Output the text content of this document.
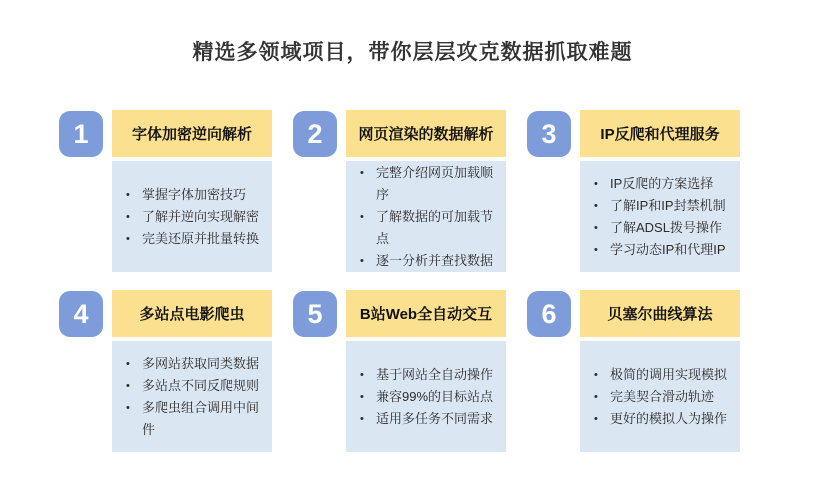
精选多领域项目，带你层层攻克数据抓取难题
1	字体加密逆向解析
• 掌握字体加密技巧
• 了解并逆向实现解密
• 完美还原并批量转换
2 网页渲染的数据解析
• 完整介绍网页加载顺序
• 了解数据的可加载节点
• 逐一分析并查找数据
3	IP反爬和代理服务
• IP反爬的方案选择
• 了解IP和IP封禁机制
• 了解ADSL拨号操作
• 学习动态IP和代理IP
4	多站点电影爬虫
• 多网站获取同类数据
• 多站点不同反爬规则
• 多爬虫组合调用中间件
5 B站Web全自动交互
• 基于网站全自动操作
• 兼容99%的目标站点
• 适用多任务不同需求
6	贝塞尔曲线算法
• 极简的调用实现模拟
• 完美契合滑动轨迹
• 更好的模拟人为操作
